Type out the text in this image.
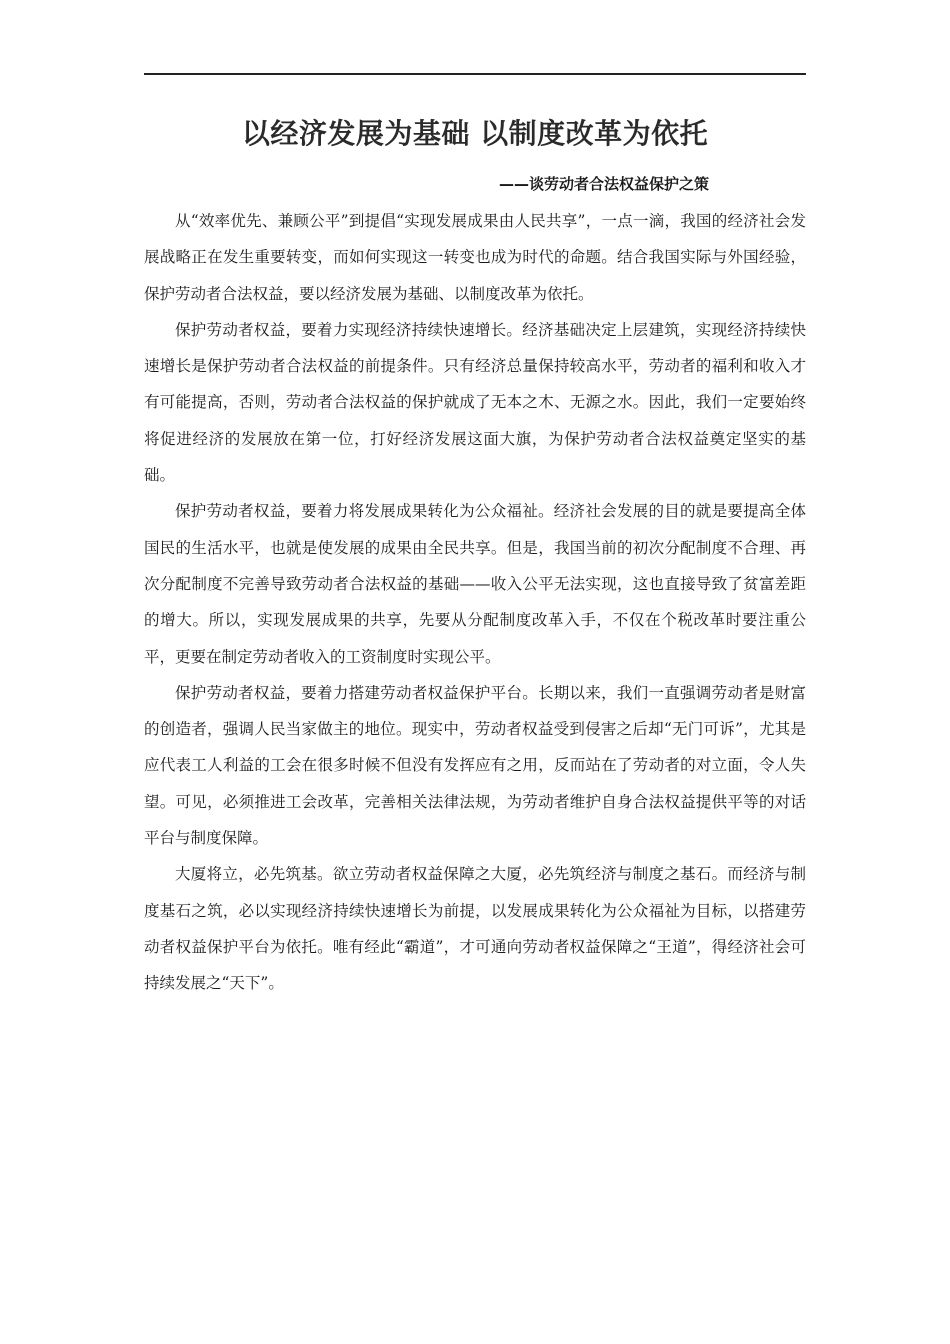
以经济发展为基础 以制度改革为依托

——谈劳动者合法权益保护之策

从“效率优先、兼顾公平”到提倡“实现发展成果由人民共享”，一点一滴，我国的经济社会发展战略正在发生重要转变，而如何实现这一转变也成为时代的命题。结合我国实际与外国经验，保护劳动者合法权益，要以经济发展为基础、以制度改革为依托。

保护劳动者权益，要着力实现经济持续快速增长。经济基础决定上层建筑，实现经济持续快速增长是保护劳动者合法权益的前提条件。只有经济总量保持较高水平，劳动者的福利和收入才有可能提高，否则，劳动者合法权益的保护就成了无本之木、无源之水。因此，我们一定要始终将促进经济的发展放在第一位，打好经济发展这面大旗，为保护劳动者合法权益奠定坚实的基础。

保护劳动者权益，要着力将发展成果转化为公众福祉。经济社会发展的目的就是要提高全体国民的生活水平，也就是使发展的成果由全民共享。但是，我国当前的初次分配制度不合理、再次分配制度不完善导致劳动者合法权益的基础——收入公平无法实现，这也直接导致了贫富差距的增大。所以，实现发展成果的共享，先要从分配制度改革入手，不仅在个税改革时要注重公平，更要在制定劳动者收入的工资制度时实现公平。

保护劳动者权益，要着力搭建劳动者权益保护平台。长期以来，我们一直强调劳动者是财富的创造者，强调人民当家做主的地位。现实中，劳动者权益受到侵害之后却“无门可诉”，尤其是应代表工人利益的工会在很多时候不但没有发挥应有之用，反而站在了劳动者的对立面，令人失望。可见，必须推进工会改革，完善相关法律法规，为劳动者维护自身合法权益提供平等的对话平台与制度保障。

大厦将立，必先筑基。欲立劳动者权益保障之大厦，必先筑经济与制度之基石。而经济与制度基石之筑，必以实现经济持续快速增长为前提，以发展成果转化为公众福祉为目标，以搭建劳动者权益保护平台为依托。唯有经此“霸道”，才可通向劳动者权益保障之“王道”，得经济社会可持续发展之“天下”。
